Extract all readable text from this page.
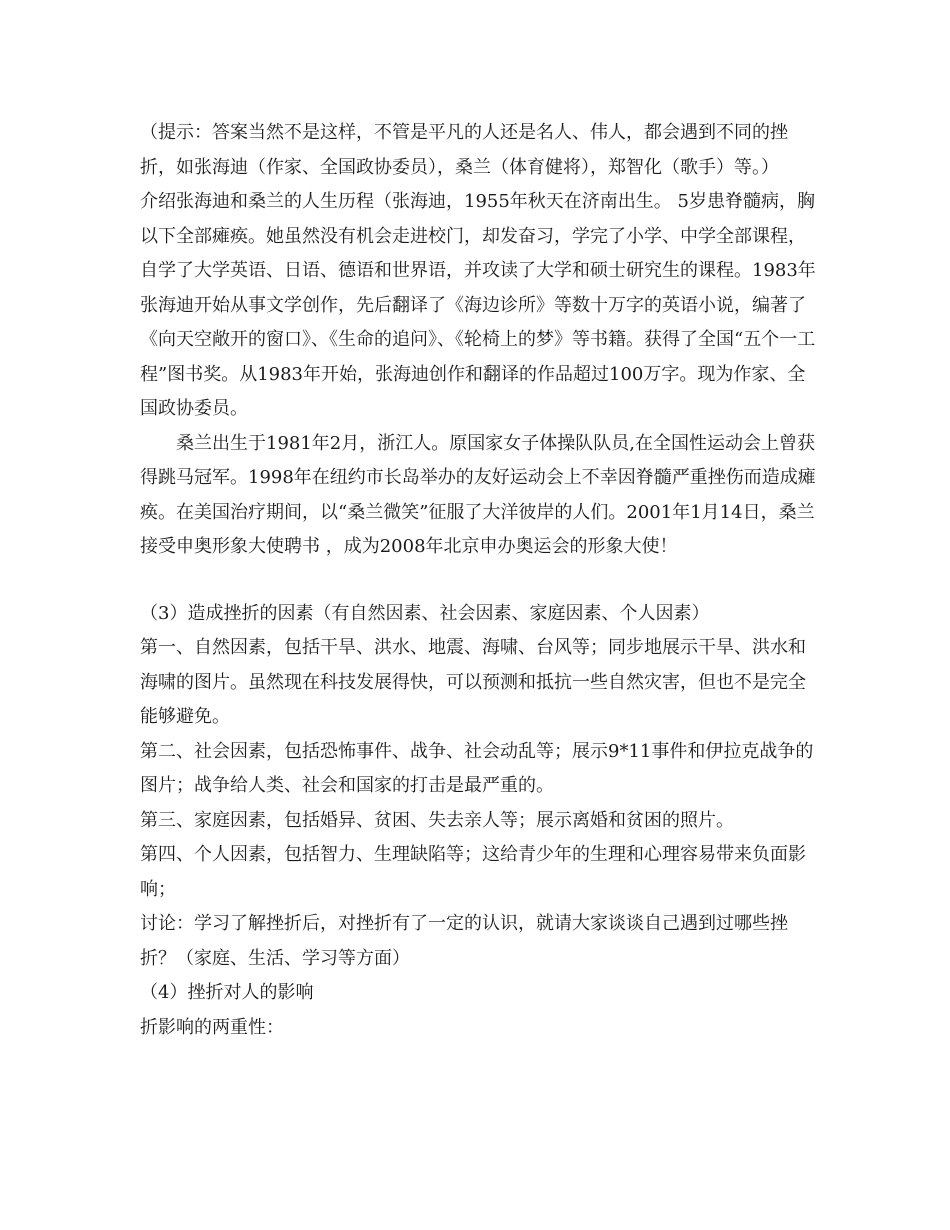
（提示：答案当然不是这样，不管是平凡的人还是名人、伟人，都会遇到不同的挫折，如张海迪（作家、全国政协委员），桑兰（体育健将），郑智化（歌手）等。）

介绍张海迪和桑兰的人生历程（张海迪，1955年秋天在济南出生。 5岁患脊髓病，胸以下全部瘫痪。她虽然没有机会走进校门，却发奋习，学完了小学、中学全部课程，自学了大学英语、日语、德语和世界语，并攻读了大学和硕士研究生的课程。1983年张海迪开始从事文学创作，先后翻译了《海边诊所》等数十万字的英语小说，编著了《向天空敞开的窗口》、《生命的追问》、《轮椅上的梦》等书籍。获得了全国“五个一工程”图书奖。从1983年开始，张海迪创作和翻译的作品超过100万字。现为作家、全国政协委员。

桑兰出生于1981年2月，浙江人。原国家女子体操队队员,在全国性运动会上曾获得跳马冠军。1998年在纽约市长岛举办的友好运动会上不幸因脊髓严重挫伤而造成瘫痪。在美国治疗期间，以“桑兰微笑”征服了大洋彼岸的人们。2001年1月14日，桑兰接受申奥形象大使聘书 ，成为2008年北京申办奥运会的形象大使！

（3）造成挫折的因素（有自然因素、社会因素、家庭因素、个人因素）

第一、自然因素，包括干旱、洪水、地震、海啸、台风等；同步地展示干旱、洪水和海啸的图片。虽然现在科技发展得快，可以预测和抵抗一些自然灾害，但也不是完全能够避免。

第二、社会因素，包括恐怖事件、战争、社会动乱等；展示9*11事件和伊拉克战争的图片；战争给人类、社会和国家的打击是最严重的。

第三、家庭因素，包括婚异、贫困、失去亲人等；展示离婚和贫困的照片。

第四、个人因素，包括智力、生理缺陷等；这给青少年的生理和心理容易带来负面影响；

讨论：学习了解挫折后，对挫折有了一定的认识，就请大家谈谈自己遇到过哪些挫折？（家庭、生活、学习等方面）

（4）挫折对人的影响

折影响的两重性：
